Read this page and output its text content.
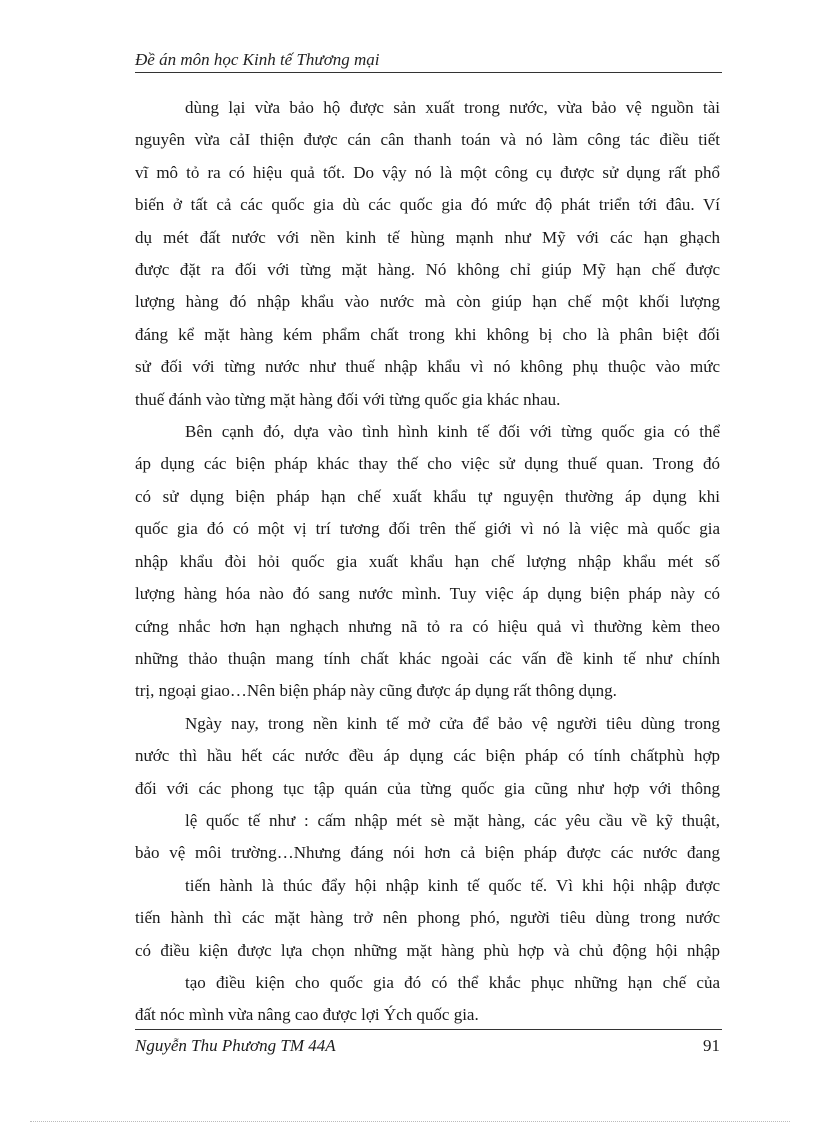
Đề án môn học Kinh tế Thương mại
dùng lại vừa bảo hộ được sản xuất trong nước, vừa bảo vệ nguồn tài
nguyên vừa cảI thiện được cán cân thanh toán và nó làm công tác điều tiết
vĩ mô tỏ ra có hiệu quả tốt. Do vậy nó là một công cụ được sử dụng rất phổ
biến ở tất cả các quốc gia dù các quốc gia đó mức độ phát triển tới đâu. Ví
dụ mét đất nước với nền kinh tế hùng mạnh như Mỹ với các hạn ghạch
được đặt ra đối với từng mặt hàng. Nó không chỉ giúp Mỹ hạn chế được
lượng hàng đó nhập khẩu vào nước mà còn giúp hạn chế một khối lượng
đáng kể mặt hàng kém phẩm chất trong khi không bị cho là phân biệt đối
sử đối với từng nước như thuế nhập khẩu vì nó không phụ thuộc vào mức
thuế đánh vào từng mặt hàng đối với từng quốc gia khác nhau.
Bên cạnh đó, dựa vào tình hình kinh tế đối với từng quốc gia có thể
áp dụng các biện pháp khác thay thế cho việc sử dụng thuế quan. Trong đó
có sử dụng biện pháp hạn chế xuất khẩu tự nguyện thường áp dụng khi
quốc gia đó có một vị trí tương đối trên thế giới vì nó là việc mà quốc gia
nhập khẩu đòi hỏi quốc gia xuất khẩu hạn chế lượng nhập khẩu mét số
lượng hàng hóa nào đó sang nước mình. Tuy việc áp dụng biện pháp này có
cứng nhắc hơn hạn nghạch nhưng nã tỏ ra có hiệu quả vì thường kèm theo
những thảo thuận mang tính chất khác ngoài các vấn đề kinh tế như chính
trị, ngoại giao…Nên biện pháp này cũng được áp dụng rất thông dụng.
Ngày nay, trong nền kinh tế mở cửa để bảo vệ người tiêu dùng trong
nước thì hầu hết các nước đều áp dụng các biện pháp có tính chấtphù hợp
đối với các phong tục tập quán của từng quốc gia cũng như hợp với thông
lệ quốc tế như : cấm nhập mét sè mặt hàng, các yêu cầu về kỹ thuật,
bảo vệ môi trường…Nhưng đáng nói hơn cả biện pháp được các nước đang
tiến hành là thúc đẩy hội nhập kinh tế quốc tế. Vì khi hội nhập được
tiến hành thì các mặt hàng trở nên phong phó, người tiêu dùng trong nước
có điều kiện được lựa chọn những mặt hàng phù hợp và chủ động hội nhập
tạo điều kiện cho quốc gia đó có thể khắc phục những hạn chế của
đất nóc mình vừa nâng cao được lợi Ých quốc gia.
Nguyễn Thu Phương TM 44A	91
